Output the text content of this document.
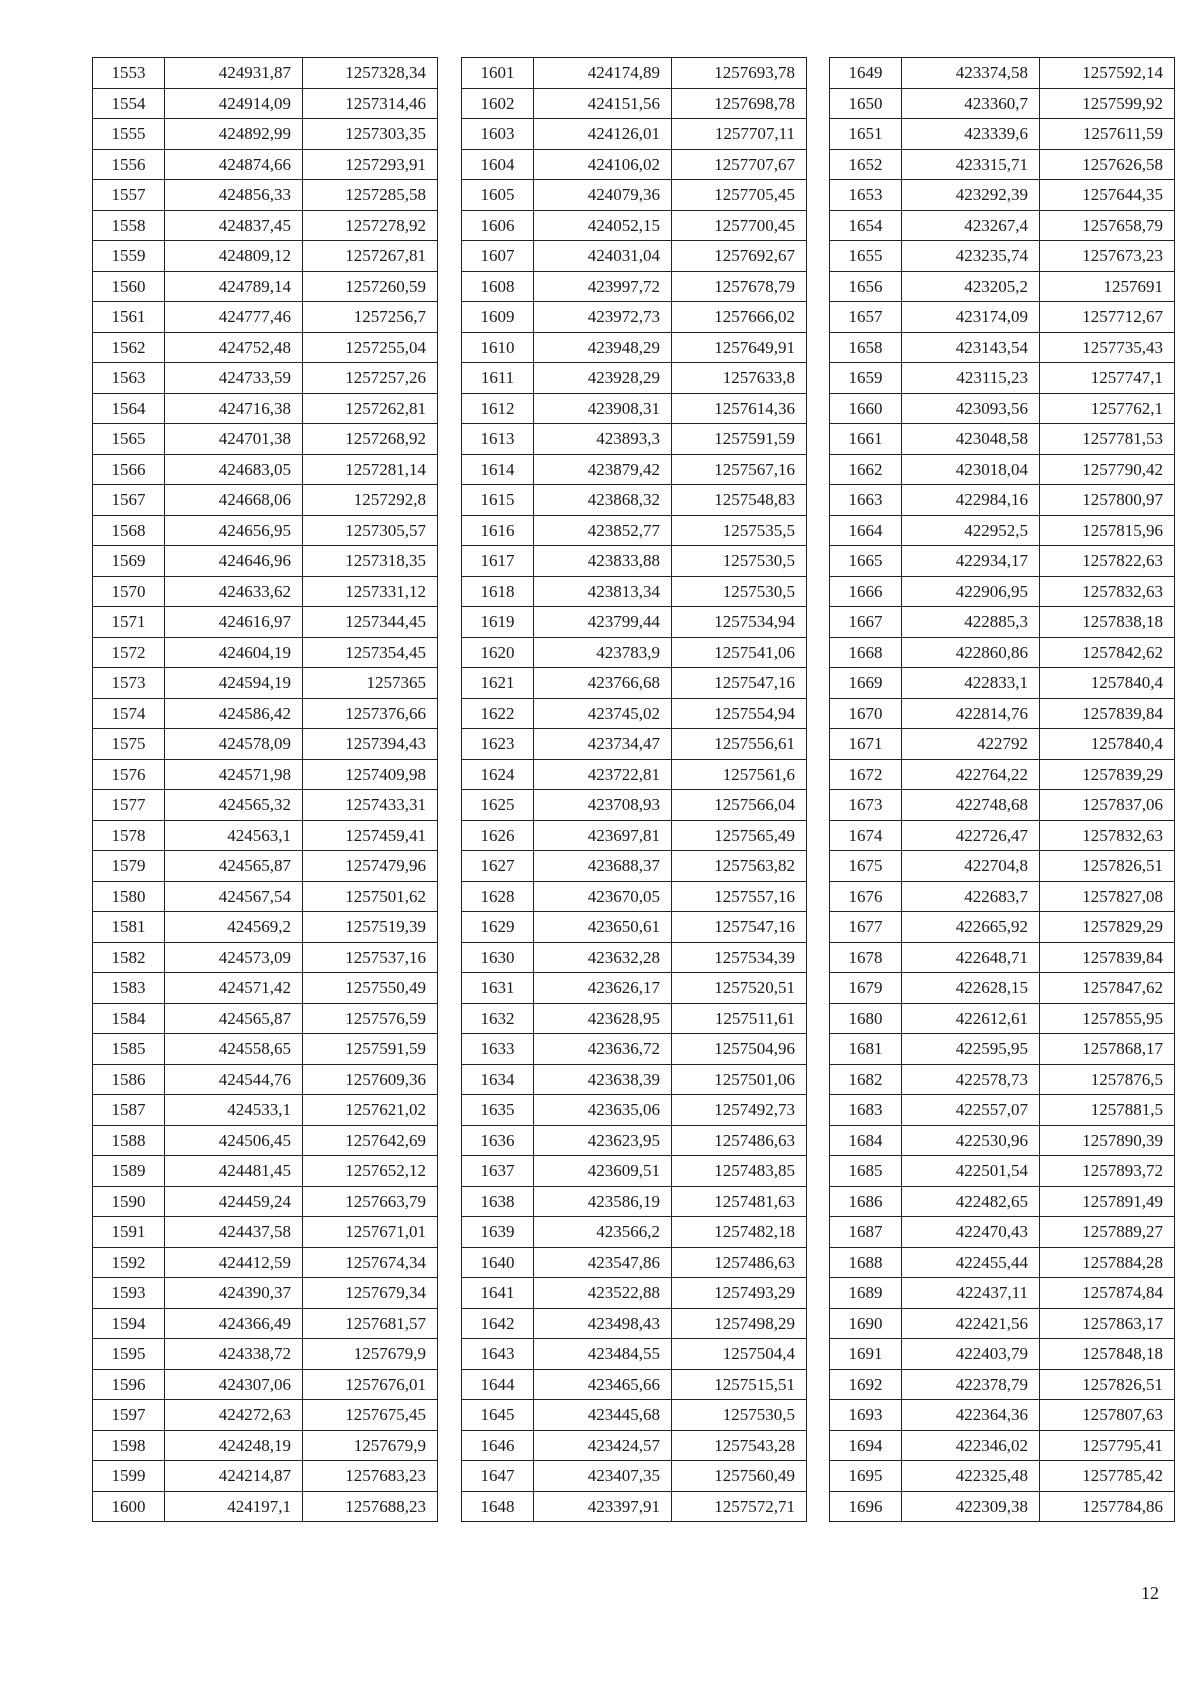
1553	424931,87	1257328,34
1554	424914,09	1257314,46
1555	424892,99	1257303,35
1556	424874,66	1257293,91
1557	424856,33	1257285,58
1558	424837,45	1257278,92
1559	424809,12	1257267,81
1560	424789,14	1257260,59
1561	424777,46	1257256,7
1562	424752,48	1257255,04
1563	424733,59	1257257,26
1564	424716,38	1257262,81
1565	424701,38	1257268,92
1566	424683,05	1257281,14
1567	424668,06	1257292,8
1568	424656,95	1257305,57
1569	424646,96	1257318,35
1570	424633,62	1257331,12
1571	424616,97	1257344,45
1572	424604,19	1257354,45
1573	424594,19	1257365
1574	424586,42	1257376,66
1575	424578,09	1257394,43
1576	424571,98	1257409,98
1577	424565,32	1257433,31
1578	424563,1	1257459,41
1579	424565,87	1257479,96
1580	424567,54	1257501,62
1581	424569,2	1257519,39
1582	424573,09	1257537,16
1583	424571,42	1257550,49
1584	424565,87	1257576,59
1585	424558,65	1257591,59
1586	424544,76	1257609,36
1587	424533,1	1257621,02
1588	424506,45	1257642,69
1589	424481,45	1257652,12
1590	424459,24	1257663,79
1591	424437,58	1257671,01
1592	424412,59	1257674,34
1593	424390,37	1257679,34
1594	424366,49	1257681,57
1595	424338,72	1257679,9
1596	424307,06	1257676,01
1597	424272,63	1257675,45
1598	424248,19	1257679,9
1599	424214,87	1257683,23
1600	424197,1	1257688,23
1601	424174,89	1257693,78
1602	424151,56	1257698,78
1603	424126,01	1257707,11
1604	424106,02	1257707,67
1605	424079,36	1257705,45
1606	424052,15	1257700,45
1607	424031,04	1257692,67
1608	423997,72	1257678,79
1609	423972,73	1257666,02
1610	423948,29	1257649,91
1611	423928,29	1257633,8
1612	423908,31	1257614,36
1613	423893,3	1257591,59
1614	423879,42	1257567,16
1615	423868,32	1257548,83
1616	423852,77	1257535,5
1617	423833,88	1257530,5
1618	423813,34	1257530,5
1619	423799,44	1257534,94
1620	423783,9	1257541,06
1621	423766,68	1257547,16
1622	423745,02	1257554,94
1623	423734,47	1257556,61
1624	423722,81	1257561,6
1625	423708,93	1257566,04
1626	423697,81	1257565,49
1627	423688,37	1257563,82
1628	423670,05	1257557,16
1629	423650,61	1257547,16
1630	423632,28	1257534,39
1631	423626,17	1257520,51
1632	423628,95	1257511,61
1633	423636,72	1257504,96
1634	423638,39	1257501,06
1635	423635,06	1257492,73
1636	423623,95	1257486,63
1637	423609,51	1257483,85
1638	423586,19	1257481,63
1639	423566,2	1257482,18
1640	423547,86	1257486,63
1641	423522,88	1257493,29
1642	423498,43	1257498,29
1643	423484,55	1257504,4
1644	423465,66	1257515,51
1645	423445,68	1257530,5
1646	423424,57	1257543,28
1647	423407,35	1257560,49
1648	423397,91	1257572,71
1649	423374,58	1257592,14
1650	423360,7	1257599,92
1651	423339,6	1257611,59
1652	423315,71	1257626,58
1653	423292,39	1257644,35
1654	423267,4	1257658,79
1655	423235,74	1257673,23
1656	423205,2	1257691
1657	423174,09	1257712,67
1658	423143,54	1257735,43
1659	423115,23	1257747,1
1660	423093,56	1257762,1
1661	423048,58	1257781,53
1662	423018,04	1257790,42
1663	422984,16	1257800,97
1664	422952,5	1257815,96
1665	422934,17	1257822,63
1666	422906,95	1257832,63
1667	422885,3	1257838,18
1668	422860,86	1257842,62
1669	422833,1	1257840,4
1670	422814,76	1257839,84
1671	422792	1257840,4
1672	422764,22	1257839,29
1673	422748,68	1257837,06
1674	422726,47	1257832,63
1675	422704,8	1257826,51
1676	422683,7	1257827,08
1677	422665,92	1257829,29
1678	422648,71	1257839,84
1679	422628,15	1257847,62
1680	422612,61	1257855,95
1681	422595,95	1257868,17
1682	422578,73	1257876,5
1683	422557,07	1257881,5
1684	422530,96	1257890,39
1685	422501,54	1257893,72
1686	422482,65	1257891,49
1687	422470,43	1257889,27
1688	422455,44	1257884,28
1689	422437,11	1257874,84
1690	422421,56	1257863,17
1691	422403,79	1257848,18
1692	422378,79	1257826,51
1693	422364,36	1257807,63
1694	422346,02	1257795,41
1695	422325,48	1257785,42
1696	422309,38	1257784,86
12
